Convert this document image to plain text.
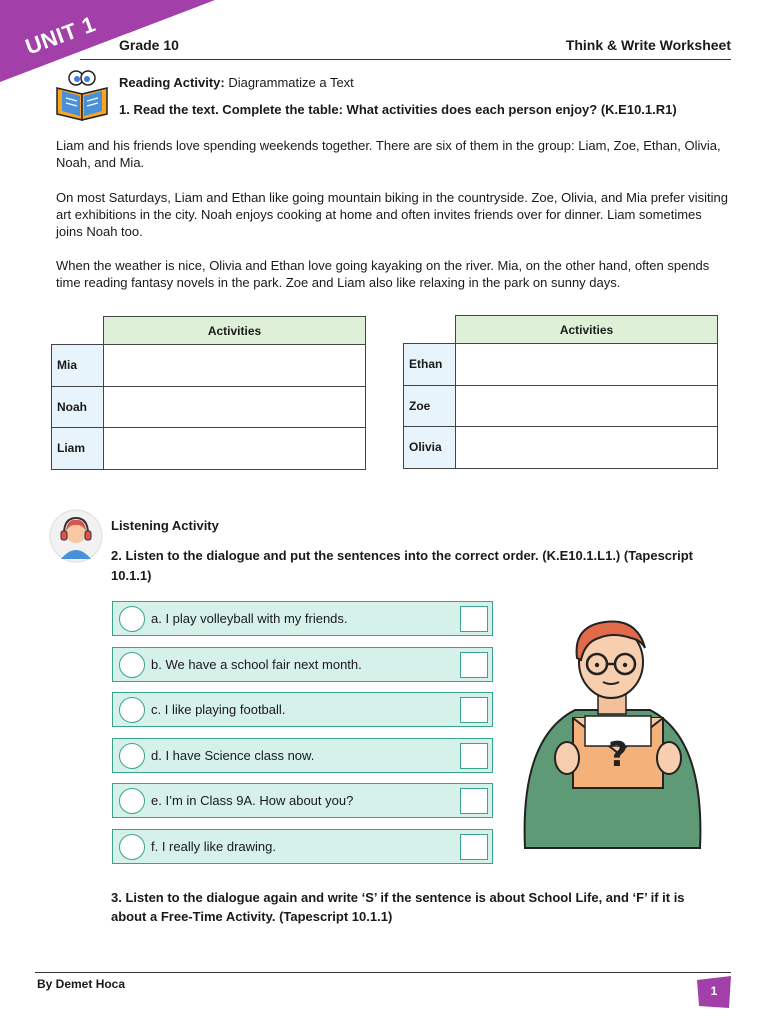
UNIT 1 Grade 10	Think & Write Worksheet
Reading Activity: Diagrammatize a Text
1. Read the text. Complete the table: What activities does each person enjoy? (K.E10.1.R1)

Liam and his friends love spending weekends together. There are six of them in the group: Liam, Zoe, Ethan, Olivia, Noah, and Mia.

On most Saturdays, Liam and Ethan like going mountain biking in the countryside. Zoe, Olivia, and Mia prefer visiting art exhibitions in the city. Noah enjoys cooking at home and often invites friends over for dinner. Liam sometimes joins Noah too.

When the weather is nice, Olivia and Ethan love going kayaking on the river. Mia, on the other hand, often spends time reading fantasy novels in the park. Zoe and Liam also like relaxing in the park on sunny days.

	Activities
Mia	
Noah	
Liam	
	Activities
Ethan	
Zoe	
Olivia	
Listening Activity
2. Listen to the dialogue and put the sentences into the correct order. (K.E10.1.L1.) (Tapescript 10.1.1)
a. I play volleyball with my friends.
b. We have a school fair next month.
c. I like playing football.
d. I have Science class now.
e. I’m in Class 9A. How about you?
f. I really like drawing.
?
3. Listen to the dialogue again and write ‘S’ if the sentence is about School Life, and ‘F’ if it is about a Free-Time Activity. (Tapescript 10.1.1)
By Demet Hoca	1
